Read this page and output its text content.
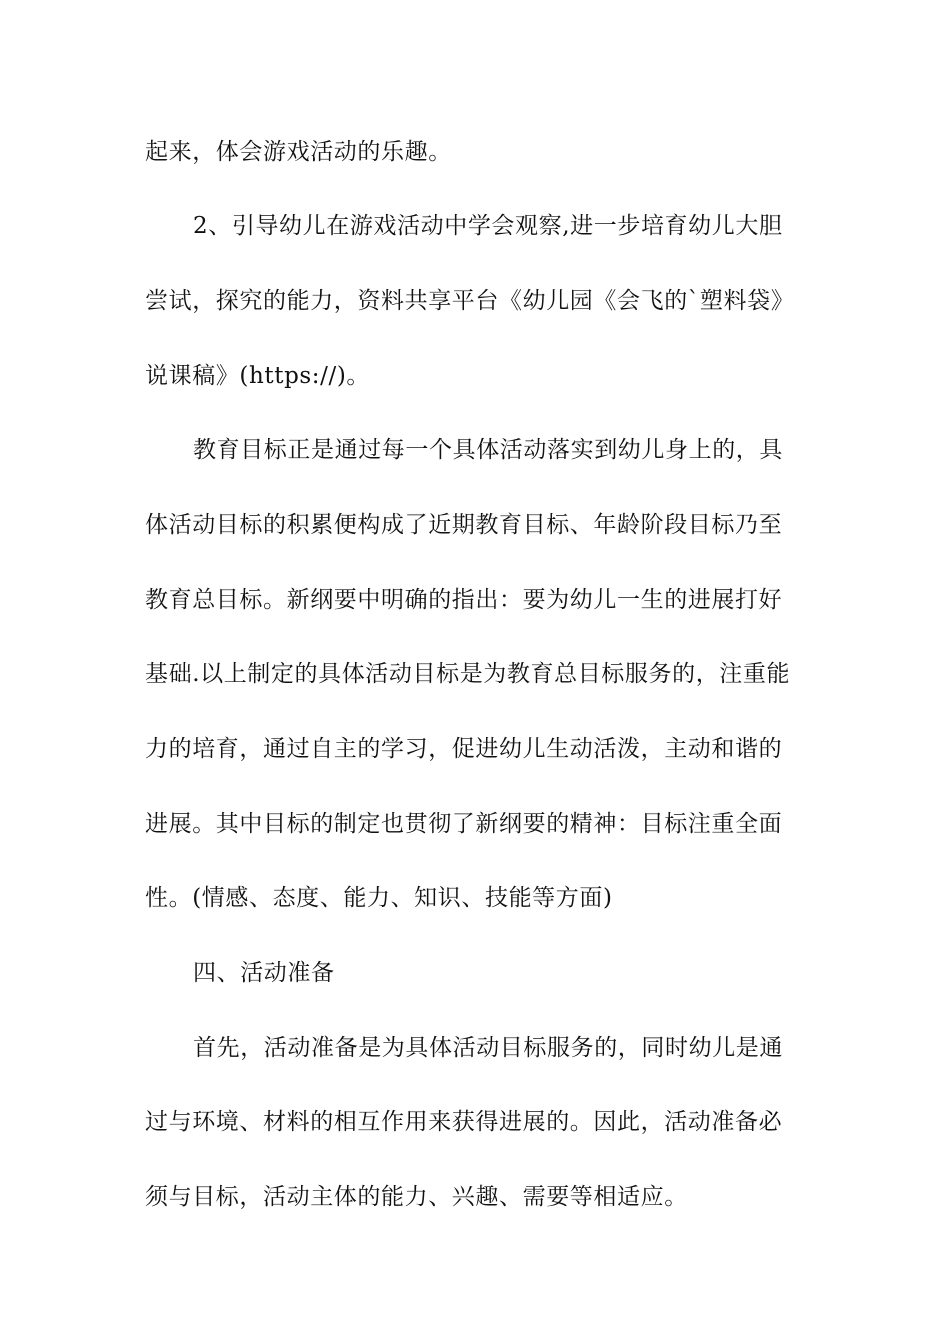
起来，体会游戏活动的乐趣。
2、引导幼儿在游戏活动中学会观察,进一步培育幼儿大胆
尝试，探究的能力，资料共享平台《幼儿园《会飞的`塑料袋》
说课稿》(https://)。
教育目标正是通过每一个具体活动落实到幼儿身上的，具
体活动目标的积累便构成了近期教育目标、年龄阶段目标乃至
教育总目标。新纲要中明确的指出：要为幼儿一生的进展打好
基础.以上制定的具体活动目标是为教育总目标服务的，注重能
力的培育，通过自主的学习，促进幼儿生动活泼，主动和谐的
进展。其中目标的制定也贯彻了新纲要的精神：目标注重全面
性。(情感、态度、能力、知识、技能等方面)
四、活动准备
首先，活动准备是为具体活动目标服务的，同时幼儿是通
过与环境、材料的相互作用来获得进展的。因此，活动准备必
须与目标，活动主体的能力、兴趣、需要等相适应。
